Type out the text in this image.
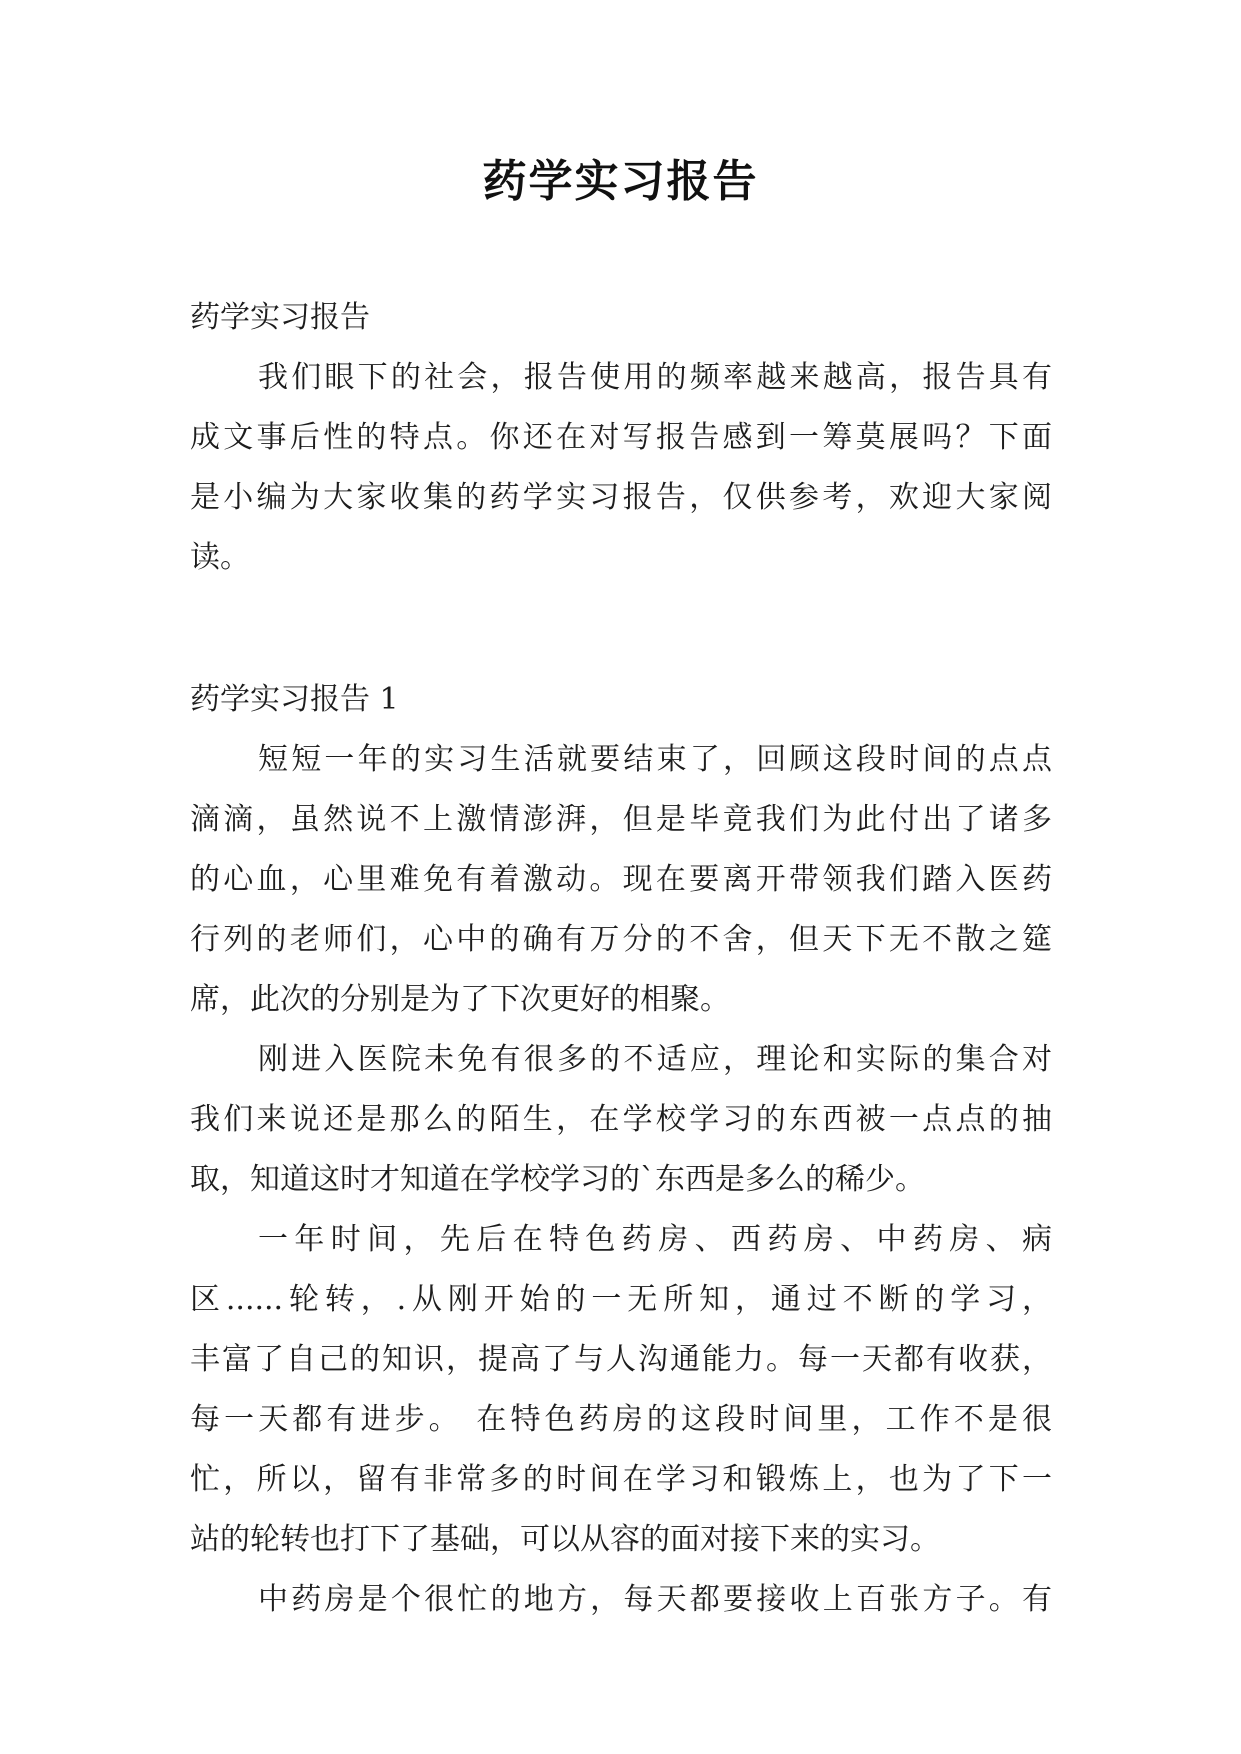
药学实习报告
药学实习报告
我们眼下的社会，报告使用的频率越来越高，报告具有
成文事后性的特点。你还在对写报告感到一筹莫展吗？下面
是小编为大家收集的药学实习报告，仅供参考，欢迎大家阅
读。
药学实习报告 1
短短一年的实习生活就要结束了，回顾这段时间的点点
滴滴，虽然说不上激情澎湃，但是毕竟我们为此付出了诸多
的心血，心里难免有着激动。现在要离开带领我们踏入医药
行列的老师们，心中的确有万分的不舍，但天下无不散之筵
席，此次的分别是为了下次更好的相聚。
刚进入医院未免有很多的不适应，理论和实际的集合对
我们来说还是那么的陌生，在学校学习的东西被一点点的抽
取，知道这时才知道在学校学习的`东西是多么的稀少。
一年时间，先后在特色药房、西药房、中药房、病
区......轮转，.从刚开始的一无所知，通过不断的学习，
丰富了自己的知识，提高了与人沟通能力。每一天都有收获，
每一天都有进步。 在特色药房的这段时间里，工作不是很
忙，所以，留有非常多的时间在学习和锻炼上，也为了下一
站的轮转也打下了基础，可以从容的面对接下来的实习。
中药房是个很忙的地方，每天都要接收上百张方子。有
